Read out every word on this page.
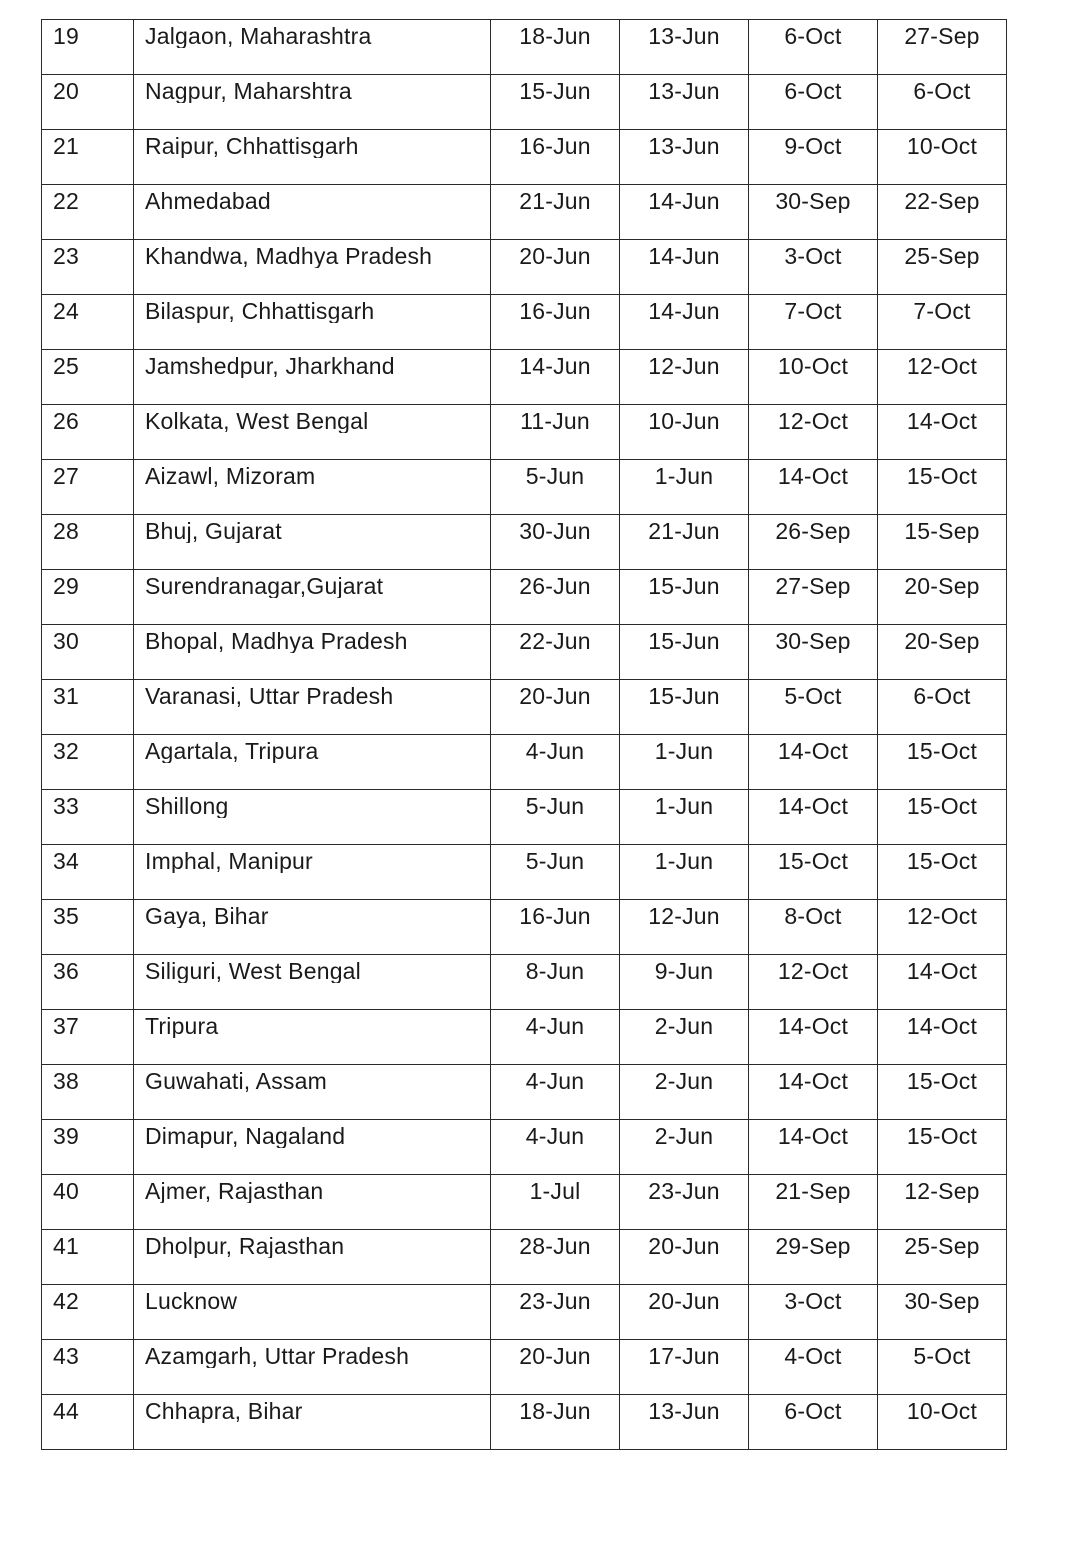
19	Jalgaon, Maharashtra	18-Jun	13-Jun	6-Oct	27-Sep

20	Nagpur, Maharshtra	15-Jun	13-Jun	6-Oct	6-Oct

21	Raipur, Chhattisgarh	16-Jun	13-Jun	9-Oct	10-Oct

22	Ahmedabad	21-Jun	14-Jun	30-Sep	22-Sep

23	Khandwa, Madhya Pradesh	20-Jun	14-Jun	3-Oct	25-Sep

24	Bilaspur, Chhattisgarh	16-Jun	14-Jun	7-Oct	7-Oct

25	Jamshedpur, Jharkhand	14-Jun	12-Jun	10-Oct	12-Oct

26	Kolkata, West Bengal	11-Jun	10-Jun	12-Oct	14-Oct

27	Aizawl, Mizoram	5-Jun	1-Jun	14-Oct	15-Oct

28	Bhuj, Gujarat	30-Jun	21-Jun	26-Sep	15-Sep

29	Surendranagar,Gujarat	26-Jun	15-Jun	27-Sep	20-Sep

30	Bhopal, Madhya Pradesh	22-Jun	15-Jun	30-Sep	20-Sep

31	Varanasi, Uttar Pradesh	20-Jun	15-Jun	5-Oct	6-Oct

32	Agartala, Tripura	4-Jun	1-Jun	14-Oct	15-Oct

33	Shillong	5-Jun	1-Jun	14-Oct	15-Oct

34	Imphal, Manipur	5-Jun	1-Jun	15-Oct	15-Oct

35	Gaya, Bihar	16-Jun	12-Jun	8-Oct	12-Oct

36	Siliguri, West Bengal	8-Jun	9-Jun	12-Oct	14-Oct

37	Tripura	4-Jun	2-Jun	14-Oct	14-Oct

38	Guwahati, Assam	4-Jun	2-Jun	14-Oct	15-Oct

39	Dimapur, Nagaland	4-Jun	2-Jun	14-Oct	15-Oct

40	Ajmer, Rajasthan	1-Jul	23-Jun	21-Sep	12-Sep

41	Dholpur, Rajasthan	28-Jun	20-Jun	29-Sep	25-Sep

42	Lucknow	23-Jun	20-Jun	3-Oct	30-Sep

43	Azamgarh, Uttar Pradesh	20-Jun	17-Jun	4-Oct	5-Oct

44	Chhapra, Bihar	18-Jun	13-Jun	6-Oct	10-Oct
